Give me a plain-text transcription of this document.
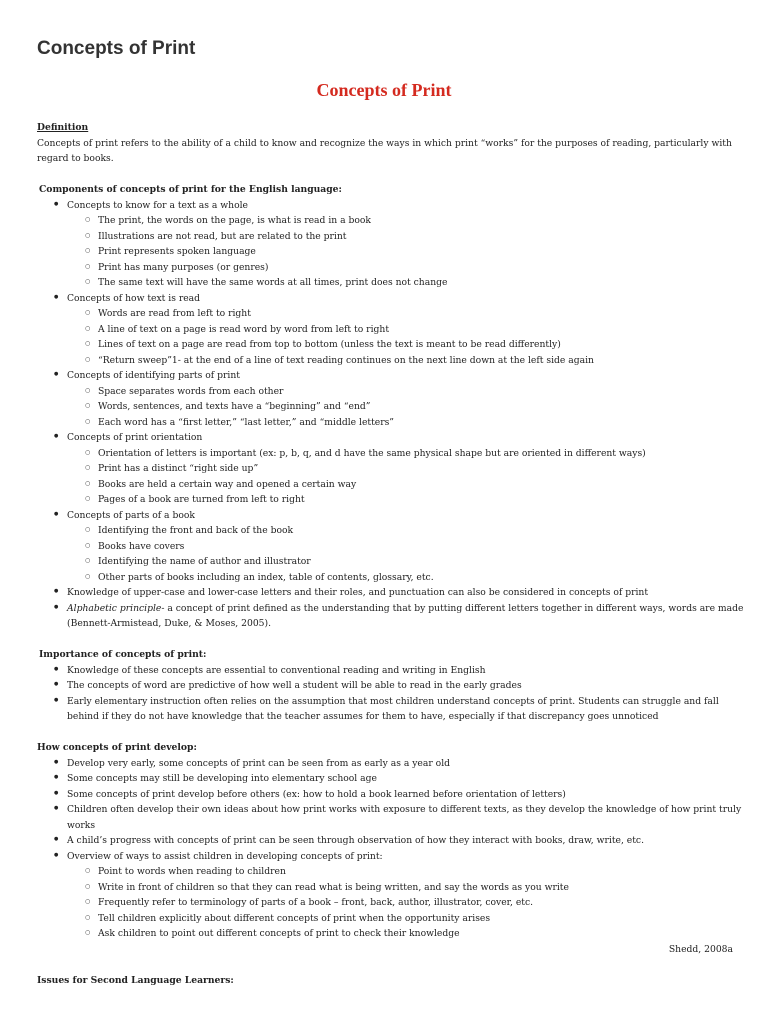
Concepts of Print
Concepts of Print
Definition
Concepts of print refers to the ability of a child to know and recognize the ways in which print “works” for the purposes of reading, particularly with
regard to books.
Components of concepts of print for the English language:
● Concepts to know for a text as a whole
○ The print, the words on the page, is what is read in a book
○ Illustrations are not read, but are related to the print
○ Print represents spoken language
○ Print has many purposes (or genres)
○ The same text will have the same words at all times, print does not change
● Concepts of how text is read
○ Words are read from left to right
○ A line of text on a page is read word by word from left to right
○ Lines of text on a page are read from top to bottom (unless the text is meant to be read differently)
○ “Return sweep”1- at the end of a line of text reading continues on the next line down at the left side again
● Concepts of identifying parts of print
○ Space separates words from each other
○ Words, sentences, and texts have a “beginning” and “end”
○ Each word has a “first letter,” “last letter,” and “middle letters”
● Concepts of print orientation
○ Orientation of letters is important (ex: p, b, q, and d have the same physical shape but are oriented in different ways)
○ Print has a distinct “right side up”
○ Books are held a certain way and opened a certain way
○ Pages of a book are turned from left to right
● Concepts of parts of a book
○ Identifying the front and back of the book
○ Books have covers
○ Identifying the name of author and illustrator
○ Other parts of books including an index, table of contents, glossary, etc.
● Knowledge of upper-case and lower-case letters and their roles, and punctuation can also be considered in concepts of print
● Alphabetic principle- a concept of print defined as the understanding that by putting different letters together in different ways, words are made
(Bennett-Armistead, Duke, & Moses, 2005).
Importance of concepts of print:
● Knowledge of these concepts are essential to conventional reading and writing in English
● The concepts of word are predictive of how well a student will be able to read in the early grades
● Early elementary instruction often relies on the assumption that most children understand concepts of print. Students can struggle and fall
behind if they do not have knowledge that the teacher assumes for them to have, especially if that discrepancy goes unnoticed
How concepts of print develop:
● Develop very early, some concepts of print can be seen from as early as a year old
● Some concepts may still be developing into elementary school age
● Some concepts of print develop before others (ex: how to hold a book learned before orientation of letters)
● Children often develop their own ideas about how print works with exposure to different texts, as they develop the knowledge of how print truly
works
● A child’s progress with concepts of print can be seen through observation of how they interact with books, draw, write, etc.
● Overview of ways to assist children in developing concepts of print:
○ Point to words when reading to children
○ Write in front of children so that they can read what is being written, and say the words as you write
○ Frequently refer to terminology of parts of a book – front, back, author, illustrator, cover, etc.
○ Tell children explicitly about different concepts of print when the opportunity arises
○ Ask children to point out different concepts of print to check their knowledge
Shedd, 2008a
Issues for Second Language Learners:
